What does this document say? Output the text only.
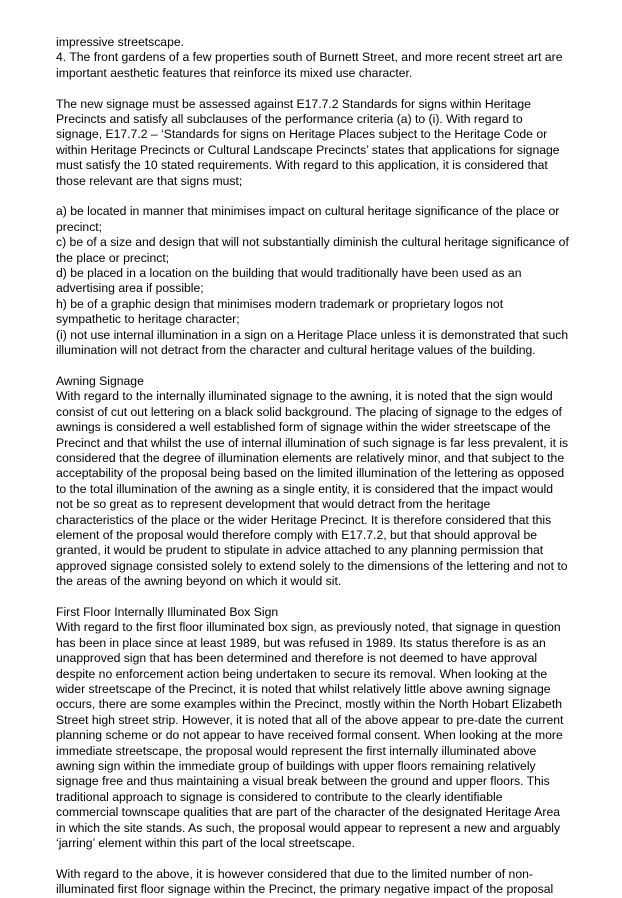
impressive streetscape.
4. The front gardens of a few properties south of Burnett Street, and more recent street art are
important aesthetic features that reinforce its mixed use character.
The new signage must be assessed against E17.7.2 Standards for signs within Heritage
Precincts and satisfy all subclauses of the performance criteria (a) to (i). With regard to
signage, E17.7.2 – ‘Standards for signs on Heritage Places subject to the Heritage Code or
within Heritage Precincts or Cultural Landscape Precincts’ states that applications for signage
must satisfy the 10 stated requirements. With regard to this application, it is considered that
those relevant are that signs must;
a) be located in manner that minimises impact on cultural heritage significance of the place or
precinct;
c) be of a size and design that will not substantially diminish the cultural heritage significance of
the place or precinct;
d) be placed in a location on the building that would traditionally have been used as an
advertising area if possible;
h) be of a graphic design that minimises modern trademark or proprietary logos not
sympathetic to heritage character;
(i) not use internal illumination in a sign on a Heritage Place unless it is demonstrated that such
illumination will not detract from the character and cultural heritage values of the building.
Awning Signage
With regard to the internally illuminated signage to the awning, it is noted that the sign would
consist of cut out lettering on a black solid background. The placing of signage to the edges of
awnings is considered a well established form of signage within the wider streetscape of the
Precinct and that whilst the use of internal illumination of such signage is far less prevalent, it is
considered that the degree of illumination elements are relatively minor, and that subject to the
acceptability of the proposal being based on the limited illumination of the lettering as opposed
to the total illumination of the awning as a single entity, it is considered that the impact would
not be so great as to represent development that would detract from the heritage
characteristics of the place or the wider Heritage Precinct. It is therefore considered that this
element of the proposal would therefore comply with E17.7.2, but that should approval be
granted, it would be prudent to stipulate in advice attached to any planning permission that
approved signage consisted solely to extend solely to the dimensions of the lettering and not to
the areas of the awning beyond on which it would sit.
First Floor Internally Illuminated Box Sign
With regard to the first floor illuminated box sign, as previously noted, that signage in question
has been in place since at least 1989, but was refused in 1989. Its status therefore is as an
unapproved sign that has been determined and therefore is not deemed to have approval
despite no enforcement action being undertaken to secure its removal. When looking at the
wider streetscape of the Precinct, it is noted that whilst relatively little above awning signage
occurs, there are some examples within the Precinct, mostly within the North Hobart Elizabeth
Street high street strip. However, it is noted that all of the above appear to pre-date the current
planning scheme or do not appear to have received formal consent. When looking at the more
immediate streetscape, the proposal would represent the first internally illuminated above
awning sign within the immediate group of buildings with upper floors remaining relatively
signage free and thus maintaining a visual break between the ground and upper floors. This
traditional approach to signage is considered to contribute to the clearly identifiable
commercial townscape qualities that are part of the character of the designated Heritage Area
in which the site stands. As such, the proposal would appear to represent a new and arguably
‘jarring’ element within this part of the local streetscape.
With regard to the above, it is however considered that due to the limited number of non-
illuminated first floor signage within the Precinct, the primary negative impact of the proposal
